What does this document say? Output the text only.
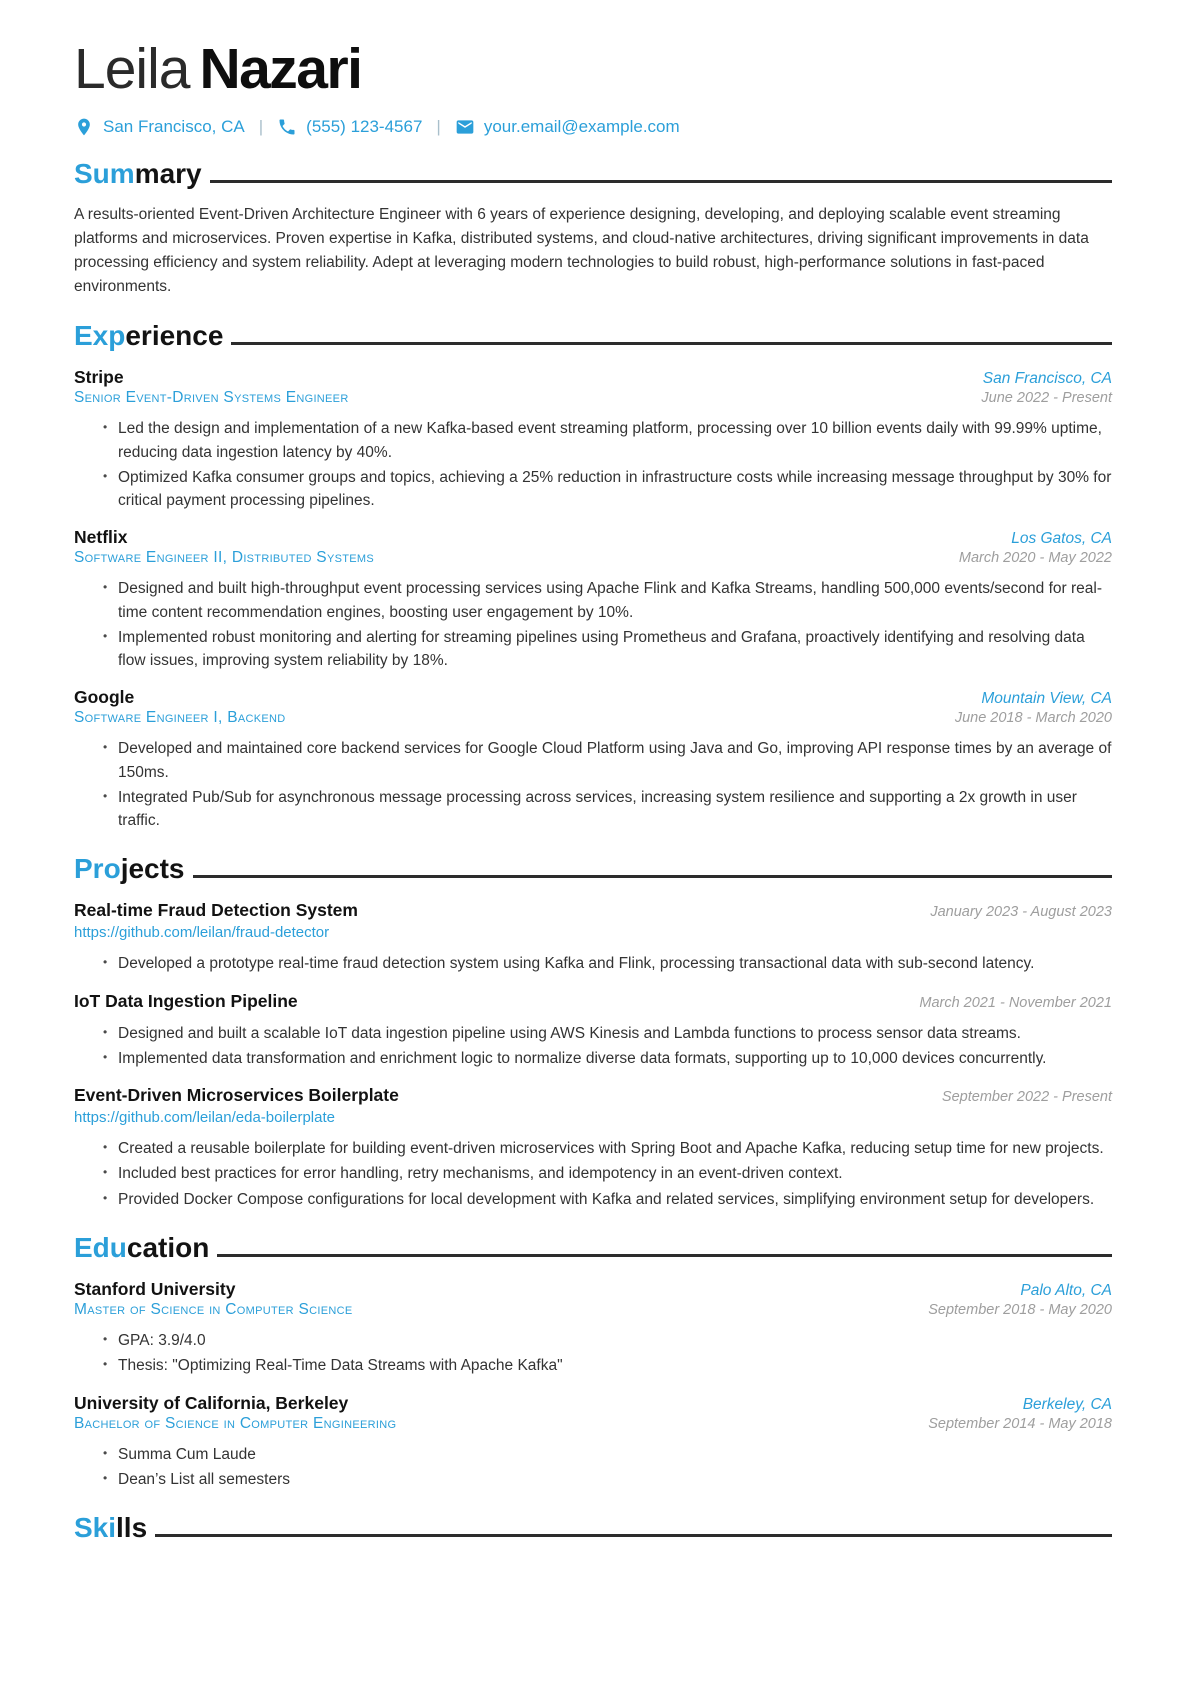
Leila Nazari
San Francisco, CA |	(555) 123-4567 |	your.email@example.com
Summary

A results-oriented Event-Driven Architecture Engineer with 6 years of experience designing, developing, and deploying scalable event streaming platforms and microservices. Proven expertise in Kafka, distributed systems, and cloud-native architectures, driving significant improvements in data processing efficiency and system reliability. Adept at leveraging modern technologies to build robust, high-performance solutions in fast-paced environments.

Experience
Stripe	San Francisco, CA
Senior Event-Driven Systems Engineer	June 2022 - Present
• Led the design and implementation of a new Kafka-based event streaming platform, processing over 10 billion events daily with 99.99% uptime, reducing data ingestion latency by 40%.
• Optimized Kafka consumer groups and topics, achieving a 25% reduction in infrastructure costs while increasing message throughput by 30% for critical payment processing pipelines.
Netflix	Los Gatos, CA
Software Engineer II, Distributed Systems	March 2020 - May 2022
• Designed and built high-throughput event processing services using Apache Flink and Kafka Streams, handling 500,000 events/second for real-time content recommendation engines, boosting user engagement by 10%.
• Implemented robust monitoring and alerting for streaming pipelines using Prometheus and Grafana, proactively identifying and resolving data flow issues, improving system reliability by 18%.
Google	Mountain View, CA
Software Engineer I, Backend	June 2018 - March 2020
• Developed and maintained core backend services for Google Cloud Platform using Java and Go, improving API response times by an average of 150ms.
• Integrated Pub/Sub for asynchronous message processing across services, increasing system resilience and supporting a 2x growth in user traffic.
Projects
Real-time Fraud Detection System	January 2023 - August 2023
https://github.com/leilan/fraud-detector
• Developed a prototype real-time fraud detection system using Kafka and Flink, processing transactional data with sub-second latency.
IoT Data Ingestion Pipeline	March 2021 - November 2021
• Designed and built a scalable IoT data ingestion pipeline using AWS Kinesis and Lambda functions to process sensor data streams.
• Implemented data transformation and enrichment logic to normalize diverse data formats, supporting up to 10,000 devices concurrently.
Event-Driven Microservices Boilerplate	September 2022 - Present
https://github.com/leilan/eda-boilerplate
• Created a reusable boilerplate for building event-driven microservices with Spring Boot and Apache Kafka, reducing setup time for new projects.
• Included best practices for error handling, retry mechanisms, and idempotency in an event-driven context.
• Provided Docker Compose configurations for local development with Kafka and related services, simplifying environment setup for developers.
Education
Stanford University	Palo Alto, CA
Master of Science in Computer Science	September 2018 - May 2020
• GPA: 3.9/4.0
• Thesis: "Optimizing Real-Time Data Streams with Apache Kafka"
University of California, Berkeley	Berkeley, CA
Bachelor of Science in Computer Engineering	September 2014 - May 2018
• Summa Cum Laude
• Dean’s List all semesters
Skills
